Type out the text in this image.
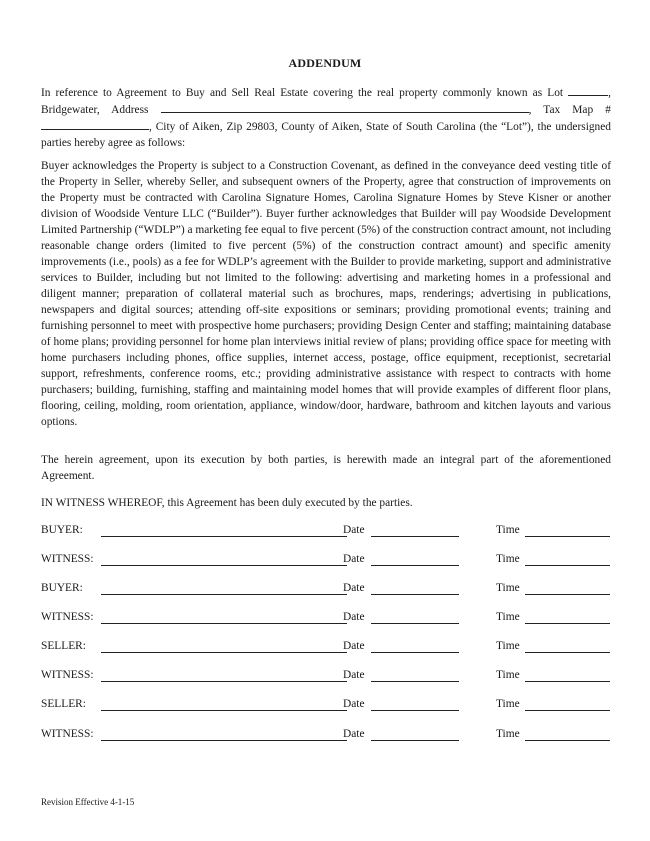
ADDENDUM

In reference to Agreement to Buy and Sell Real Estate covering the real property commonly known as Lot	, Bridgewater, Address	, Tax Map #, City of Aiken, Zip 29803, County of Aiken, State of South Carolina (the “Lot”), the undersigned parties hereby agree as follows:

Buyer acknowledges the Property is subject to a Construction Covenant, as defined in the conveyance deed vesting title of the Property in Seller, whereby Seller, and subsequent owners of the Property, agree that construction of improvements on the Property must be contracted with Carolina Signature Homes, Carolina Signature Homes by Steve Kisner or another division of Woodside Venture LLC (“Builder”). Buyer further acknowledges that Builder will pay Woodside Development Limited Partnership (“WDLP”) a marketing fee equal to five percent (5%) of the construction contract amount, not including reasonable change orders (limited to five percent (5%) of the construction contract amount) and specific amenity improvements (i.e., pools) as a fee for WDLP’s agreement with the Builder to provide marketing, support and administrative services to Builder, including but not limited to the following: advertising and marketing homes in a professional and diligent manner; preparation of collateral material such as brochures, maps, renderings; advertising in publications, newspapers and digital sources; attending off-site expositions or seminars; providing promotional events; training and furnishing personnel to meet with prospective home purchasers; providing Design Center and staffing; maintaining database of home plans; providing personnel for home plan interviews initial review of plans; providing office space for meeting with home purchasers including phones, office supplies, internet access, postage, office equipment, receptionist, secretarial support, refreshments, conference rooms, etc.; providing administrative assistance with respect to contracts with home purchasers; building, furnishing, staffing and maintaining model homes that will provide examples of different floor plans, flooring, ceiling, molding, room orientation, appliance, window/door, hardware, bathroom and kitchen layouts and various options.

The herein agreement, upon its execution by both parties, is herewith made an integral part of the aforementioned Agreement.

IN WITNESS WHEREOF, this Agreement has been duly executed by the parties.

BUYER:	Date	Time
WITNESS:	Date	Time
BUYER:	Date	Time
WITNESS:	Date	Time
SELLER:	Date	Time
WITNESS:	Date	Time
SELLER:	Date	Time
WITNESS:	Date	Time
Revision Effective 4-1-15
